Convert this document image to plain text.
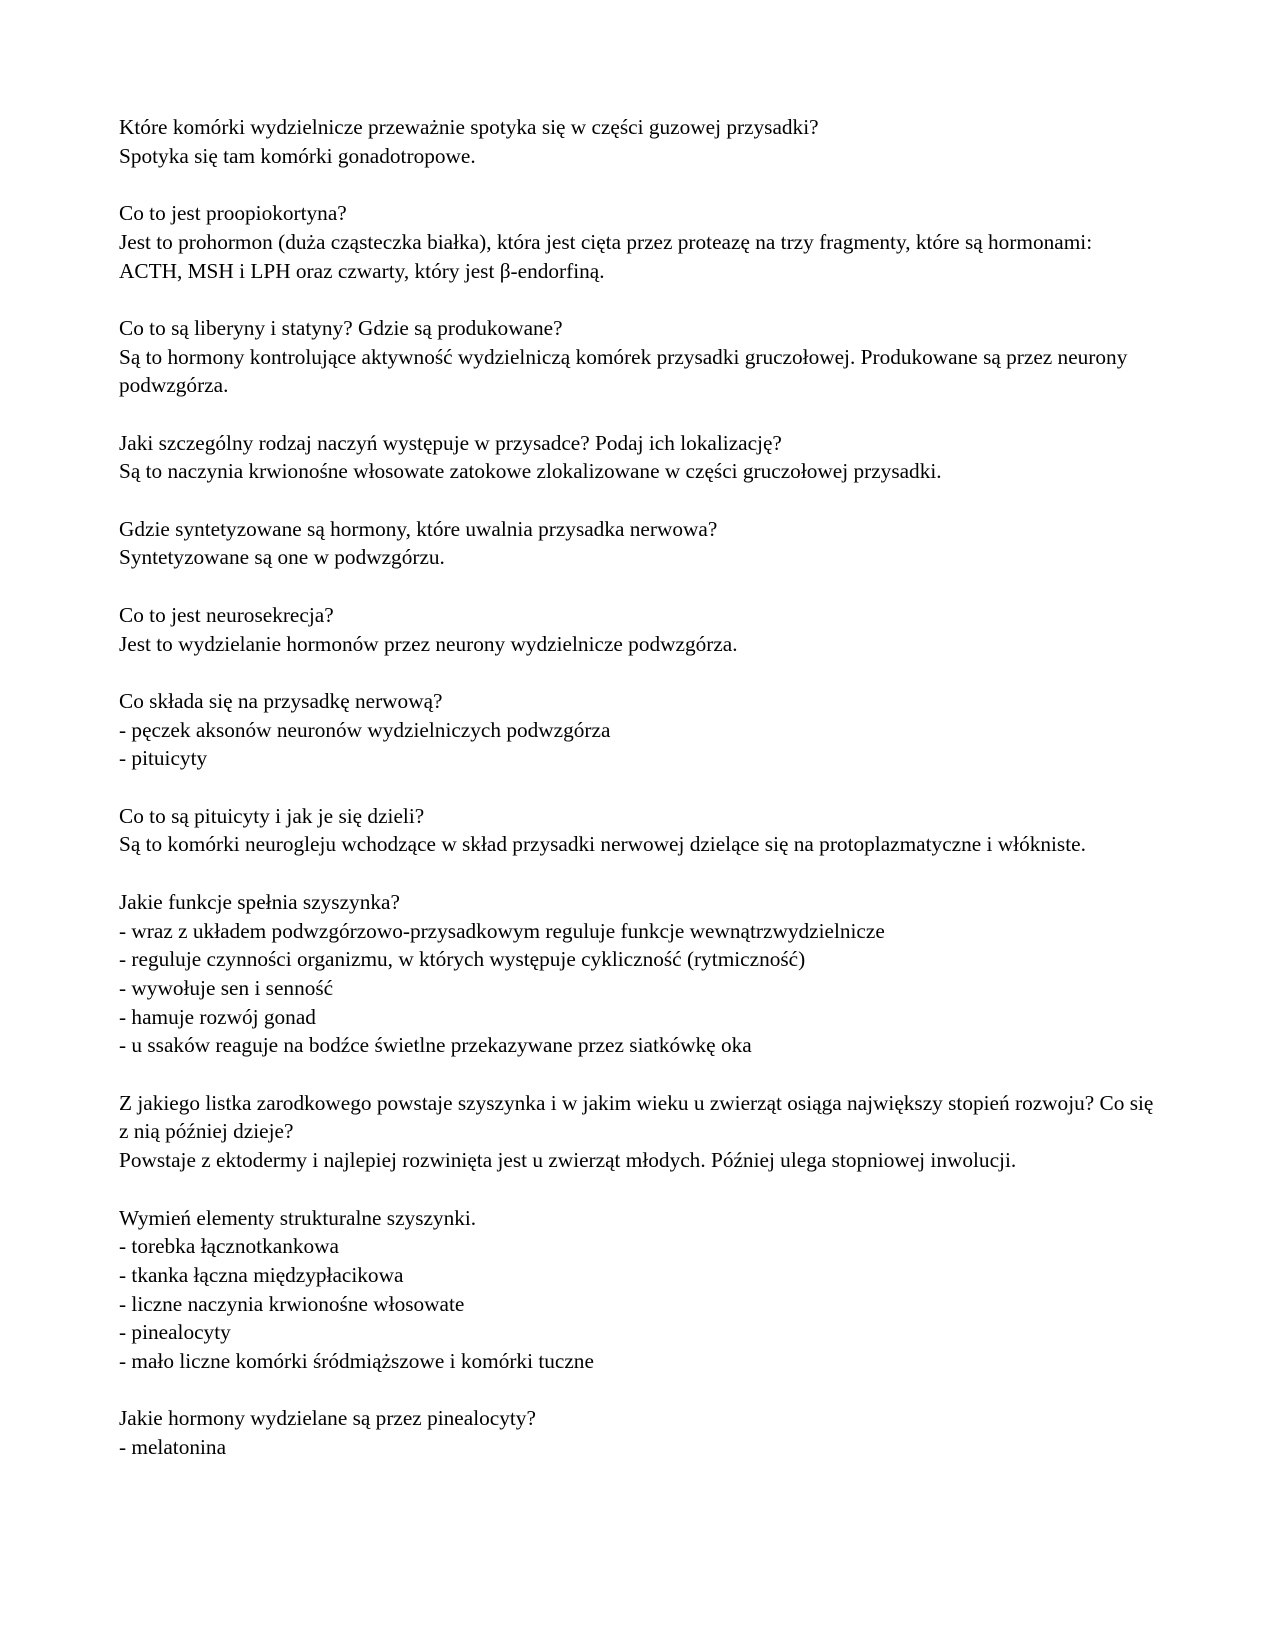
Które komórki wydzielnicze przeważnie spotyka się w części guzowej przysadki?
Spotyka się tam komórki gonadotropowe.
Co to jest proopiokortyna?
Jest to prohormon (duża cząsteczka białka), która jest cięta przez proteazę na trzy fragmenty, które są hormonami: ACTH, MSH i LPH oraz czwarty, który jest β-endorfiną.
Co to są liberyny i statyny? Gdzie są produkowane?
Są to hormony kontrolujące aktywność wydzielniczą komórek przysadki gruczołowej. Produkowane są przez neurony podwzgórza.
Jaki szczególny rodzaj naczyń występuje w przysadce? Podaj ich lokalizację?
Są to naczynia krwionośne włosowate zatokowe zlokalizowane w części gruczołowej przysadki.
Gdzie syntetyzowane są hormony, które uwalnia przysadka nerwowa?
Syntetyzowane są one w podwzgórzu.
Co to jest neurosekrecja?
Jest to wydzielanie hormonów przez neurony wydzielnicze podwzgórza.
Co składa się na przysadkę nerwową?
- pęczek aksonów neuronów wydzielniczych podwzgórza
- pituicyty
Co to są pituicyty i jak je się dzieli?
Są to komórki neurogleju wchodzące w skład przysadki nerwowej dzielące się na protoplazmatyczne i włókniste.
Jakie funkcje spełnia szyszynka?
- wraz z układem podwzgórzowo-przysadkowym reguluje funkcje wewnątrzwydzielnicze
- reguluje czynności organizmu, w których występuje cykliczność (rytmiczność)
- wywołuje sen i senność
- hamuje rozwój gonad
- u ssaków reaguje na bodźce świetlne przekazywane przez siatkówkę oka
Z jakiego listka zarodkowego powstaje szyszynka i w jakim wieku u zwierząt osiąga największy stopień rozwoju? Co się z nią później dzieje?
Powstaje z ektodermy i najlepiej rozwinięta jest u zwierząt młodych. Później ulega stopniowej inwolucji.
Wymień elementy strukturalne szyszynki.
- torebka łącznotkankowa
- tkanka łączna międzypłacikowa
- liczne naczynia krwionośne włosowate
- pinealocyty
- mało liczne komórki śródmiąższowe i komórki tuczne
Jakie hormony wydzielane są przez pinealocyty?
- melatonina
